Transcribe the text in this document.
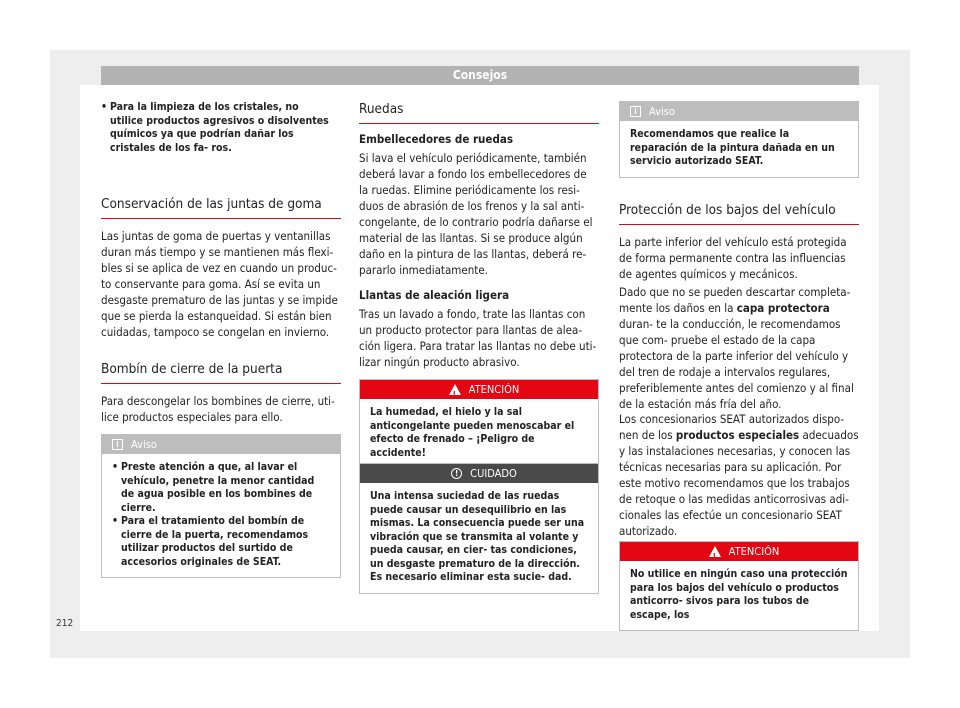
Consejos
• Para la limpieza de los cristales, no utilice productos agresivos o disolventes químicos ya que podrían dañar los cristales de los fa- ros.
Conservación de las juntas de goma

Las juntas de goma de puertas y ventanillas duran más tiempo y se mantienen más flexi- bles si se aplica de vez en cuando un produc- to conservante para goma. Así se evita un desgaste prematuro de las juntas y se impide que se pierda la estanqueidad. Si están bien cuidadas, tampoco se congelan en invierno.

Bombín de cierre de la puerta

Para descongelar los bombines de cierre, uti- lice productos especiales para ello.

i	Aviso
• Preste atención a que, al lavar el vehículo, penetre la menor cantidad de agua posible en los bombines de cierre.
• Para el tratamiento del bombín de cierre de la puerta, recomendamos utilizar productos del surtido de accesorios originales de SEAT.
Ruedas

Embellecedores de ruedas

Si lava el vehículo periódicamente, también deberá lavar a fondo los embellecedores de la ruedas. Elimine periódicamente los resi- duos de abrasión de los frenos y la sal anti- congelante, de lo contrario podría dañarse el material de las llantas. Si se produce algún daño en la pintura de las llantas, deberá re- pararlo inmediatamente.

Llantas de aleación ligera

Tras un lavado a fondo, trate las llantas con un producto protector para llantas de alea- ción ligera. Para tratar las llantas no debe uti- lizar ningún producto abrasivo.

!
ATENCIÓN
La humedad, el hielo y la sal anticongelante pueden menoscabar el efecto de frenado – ¡Peligro de accidente!
!	CUIDADO
Una intensa suciedad de las ruedas puede causar un desequilibrio en las mismas. La consecuencia puede ser una vibración que se transmita al volante y pueda causar, en cier- tas condiciones, un desgaste prematuro de la dirección. Es necesario eliminar esta sucie- dad.
i	Aviso
Recomendamos que realice la reparación de la pintura dañada en un servicio autorizado SEAT.
Protección de los bajos del vehículo

La parte inferior del vehículo está protegida de forma permanente contra las influencias de agentes químicos y mecánicos.

Dado que no se pueden descartar completa- mente los daños en la capa protectora duran- te la conducción, le recomendamos que com- pruebe el estado de la capa protectora de la parte inferior del vehículo y del tren de rodaje a intervalos regulares, preferiblemente antes del comienzo y al final de la estación más fría del año.

Los concesionarios SEAT autorizados dispo- nen de los productos especiales adecuados y las instalaciones necesarias, y conocen las técnicas necesarias para su aplicación. Por este motivo recomendamos que los trabajos de retoque o las medidas anticorrosivas adi- cionales las efectúe un concesionario SEAT autorizado.

!
ATENCIÓN
No utilice en ningún caso una protección para los bajos del vehículo o productos anticorro- sivos para los tubos de escape, los
212
